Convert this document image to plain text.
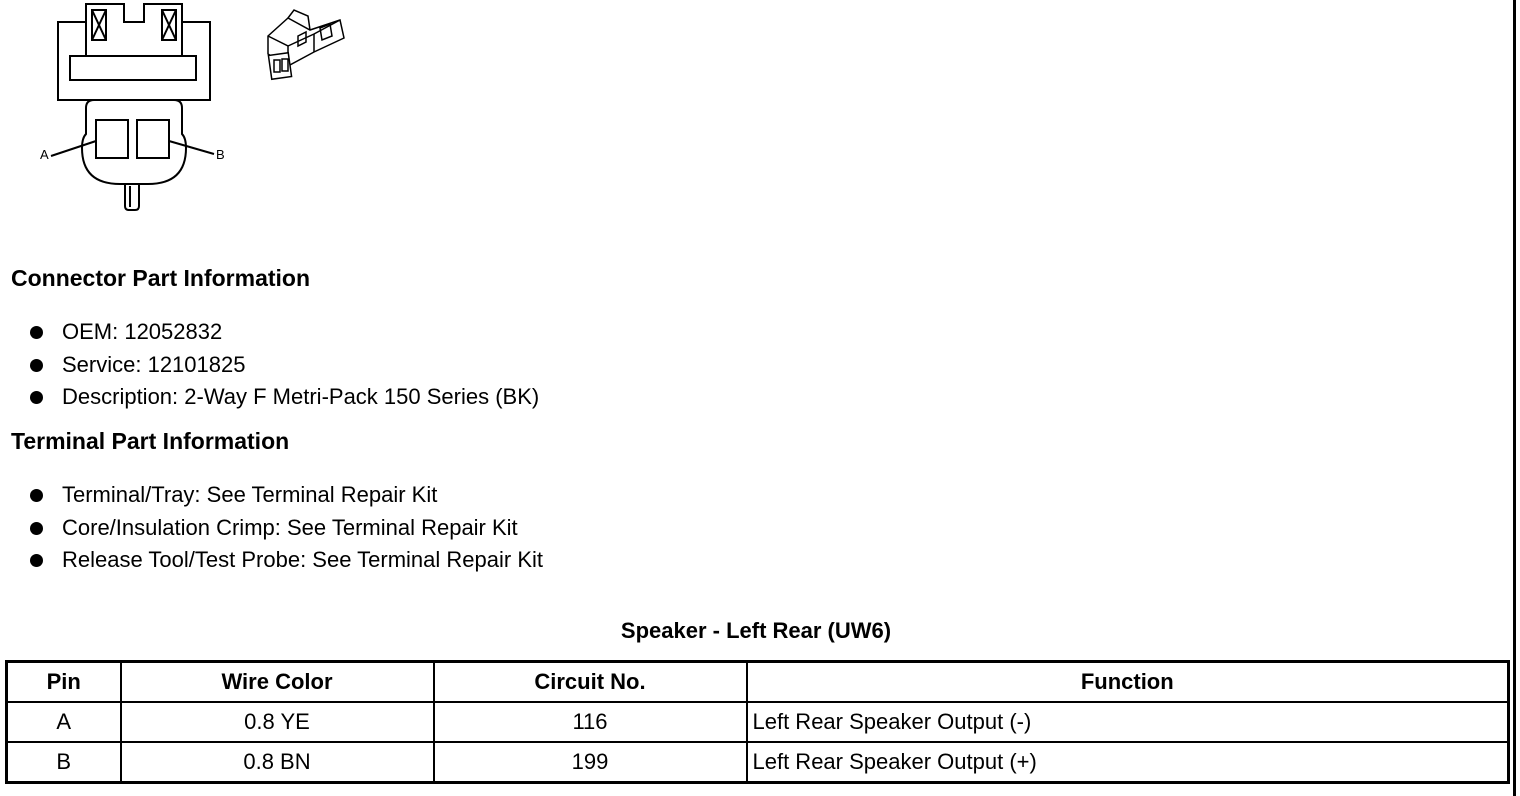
A	B
Connector Part Information
OEM: 12052832
Service: 12101825
Description: 2-Way F Metri-Pack 150 Series (BK)
Terminal Part Information
Terminal/Tray: See Terminal Repair Kit
Core/Insulation Crimp: See Terminal Repair Kit
Release Tool/Test Probe: See Terminal Repair Kit
Speaker - Left Rear (UW6)
Pin	Wire Color	Circuit No.	Function
A	0.8 YE	116	Left Rear Speaker Output (-)
B	0.8 BN	199	Left Rear Speaker Output (+)
